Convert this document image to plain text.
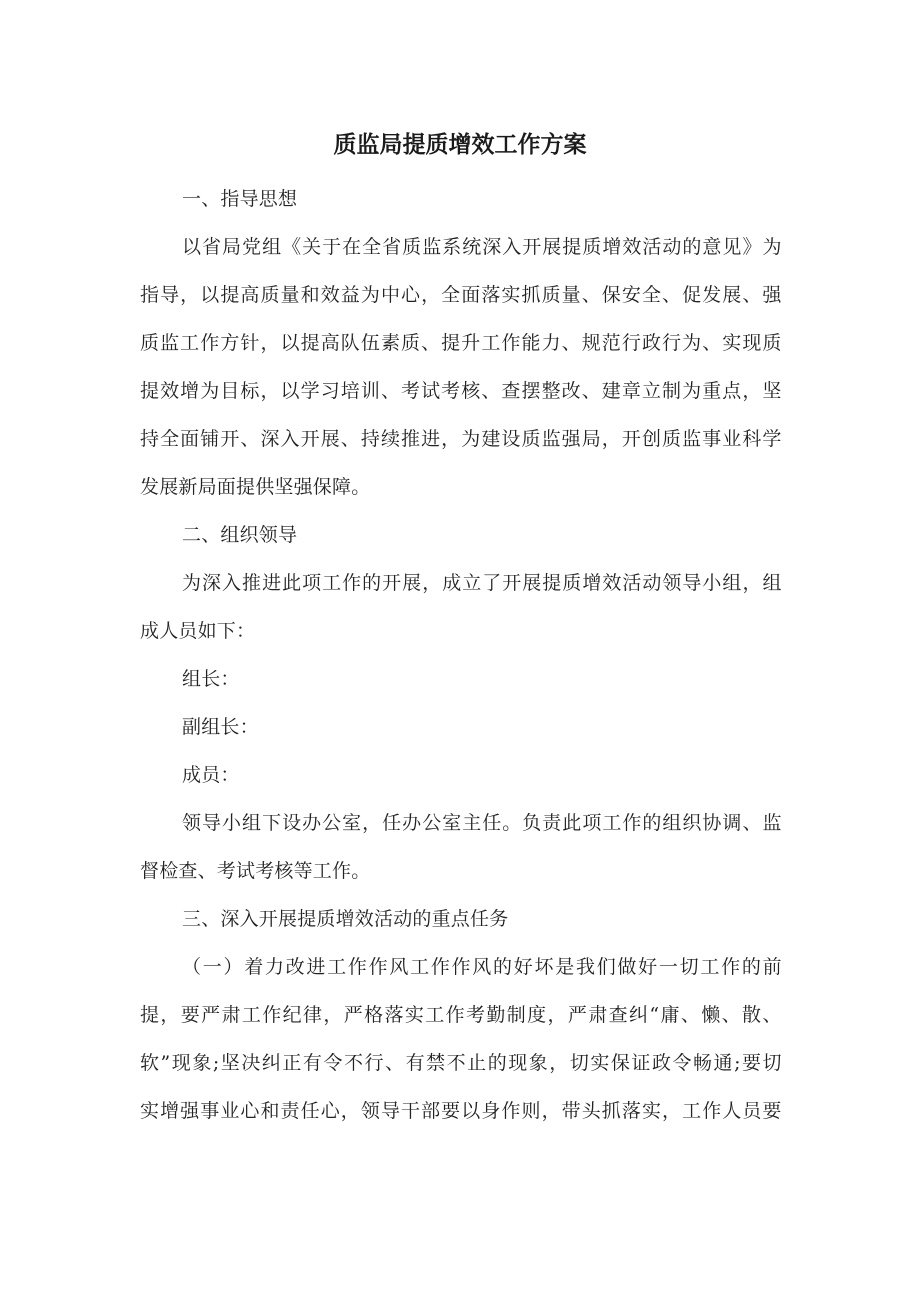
质监局提质增效工作方案
一、指导思想
以 省 局 党 组 《 关 于 在 全 省 质 监 系 统 深 入 开 展 提 质 增 效 活 动 的 意 见 》 为
指 导 ， 以 提 高 质 量 和 效 益 为 中 心 ， 全 面 落 实 抓 质 量 、 保 安 全 、 促 发 展 、 强
质 监 工 作 方 针 ， 以 提 高 队 伍 素 质 、 提 升 工 作 能 力 、 规 范 行 政 行 为 、 实 现 质
提 效 增 为 目 标 ， 以 学 习 培 训 、 考 试 考 核 、 查 摆 整 改 、 建 章 立 制 为 重 点 ， 坚
持 全 面 铺 开 、 深 入 开 展 、 持 续 推 进 ， 为 建 设 质 监 强 局 ， 开 创 质 监 事 业 科 学
发展新局面提供坚强保障。
二、组织领导
为 深 入 推 进 此 项 工 作 的 开 展 ， 成 立 了 开 展 提 质 增 效 活 动 领 导 小 组 ， 组
成人员如下：
组长：
副组长：
成员：
领 导 小 组 下 设 办 公 室 ， 任 办 公 室 主 任 。 负 责 此 项 工 作 的 组 织 协 调 、 监
督检查、考试考核等工作。
三、深入开展提质增效活动的重点任务
（ 一 ） 着 力 改 进 工 作 作 风 工 作 作 风 的 好 坏 是 我 们 做 好 一 切 工 作 的 前
提 ， 要 严 肃 工 作 纪 律 ， 严 格 落 实 工 作 考 勤 制 度 ， 严 肃 查 纠 “ 庸 、 懒 、 散 、
软 ” 现 象 ; 坚 决 纠 正 有 令 不 行 、 有 禁 不 止 的 现 象 ， 切 实 保 证 政 令 畅 通 ; 要 切
实 增 强 事 业 心 和 责 任 心 ， 领 导 干 部 要 以 身 作 则 ， 带 头 抓 落 实 ， 工 作 人 员 要
